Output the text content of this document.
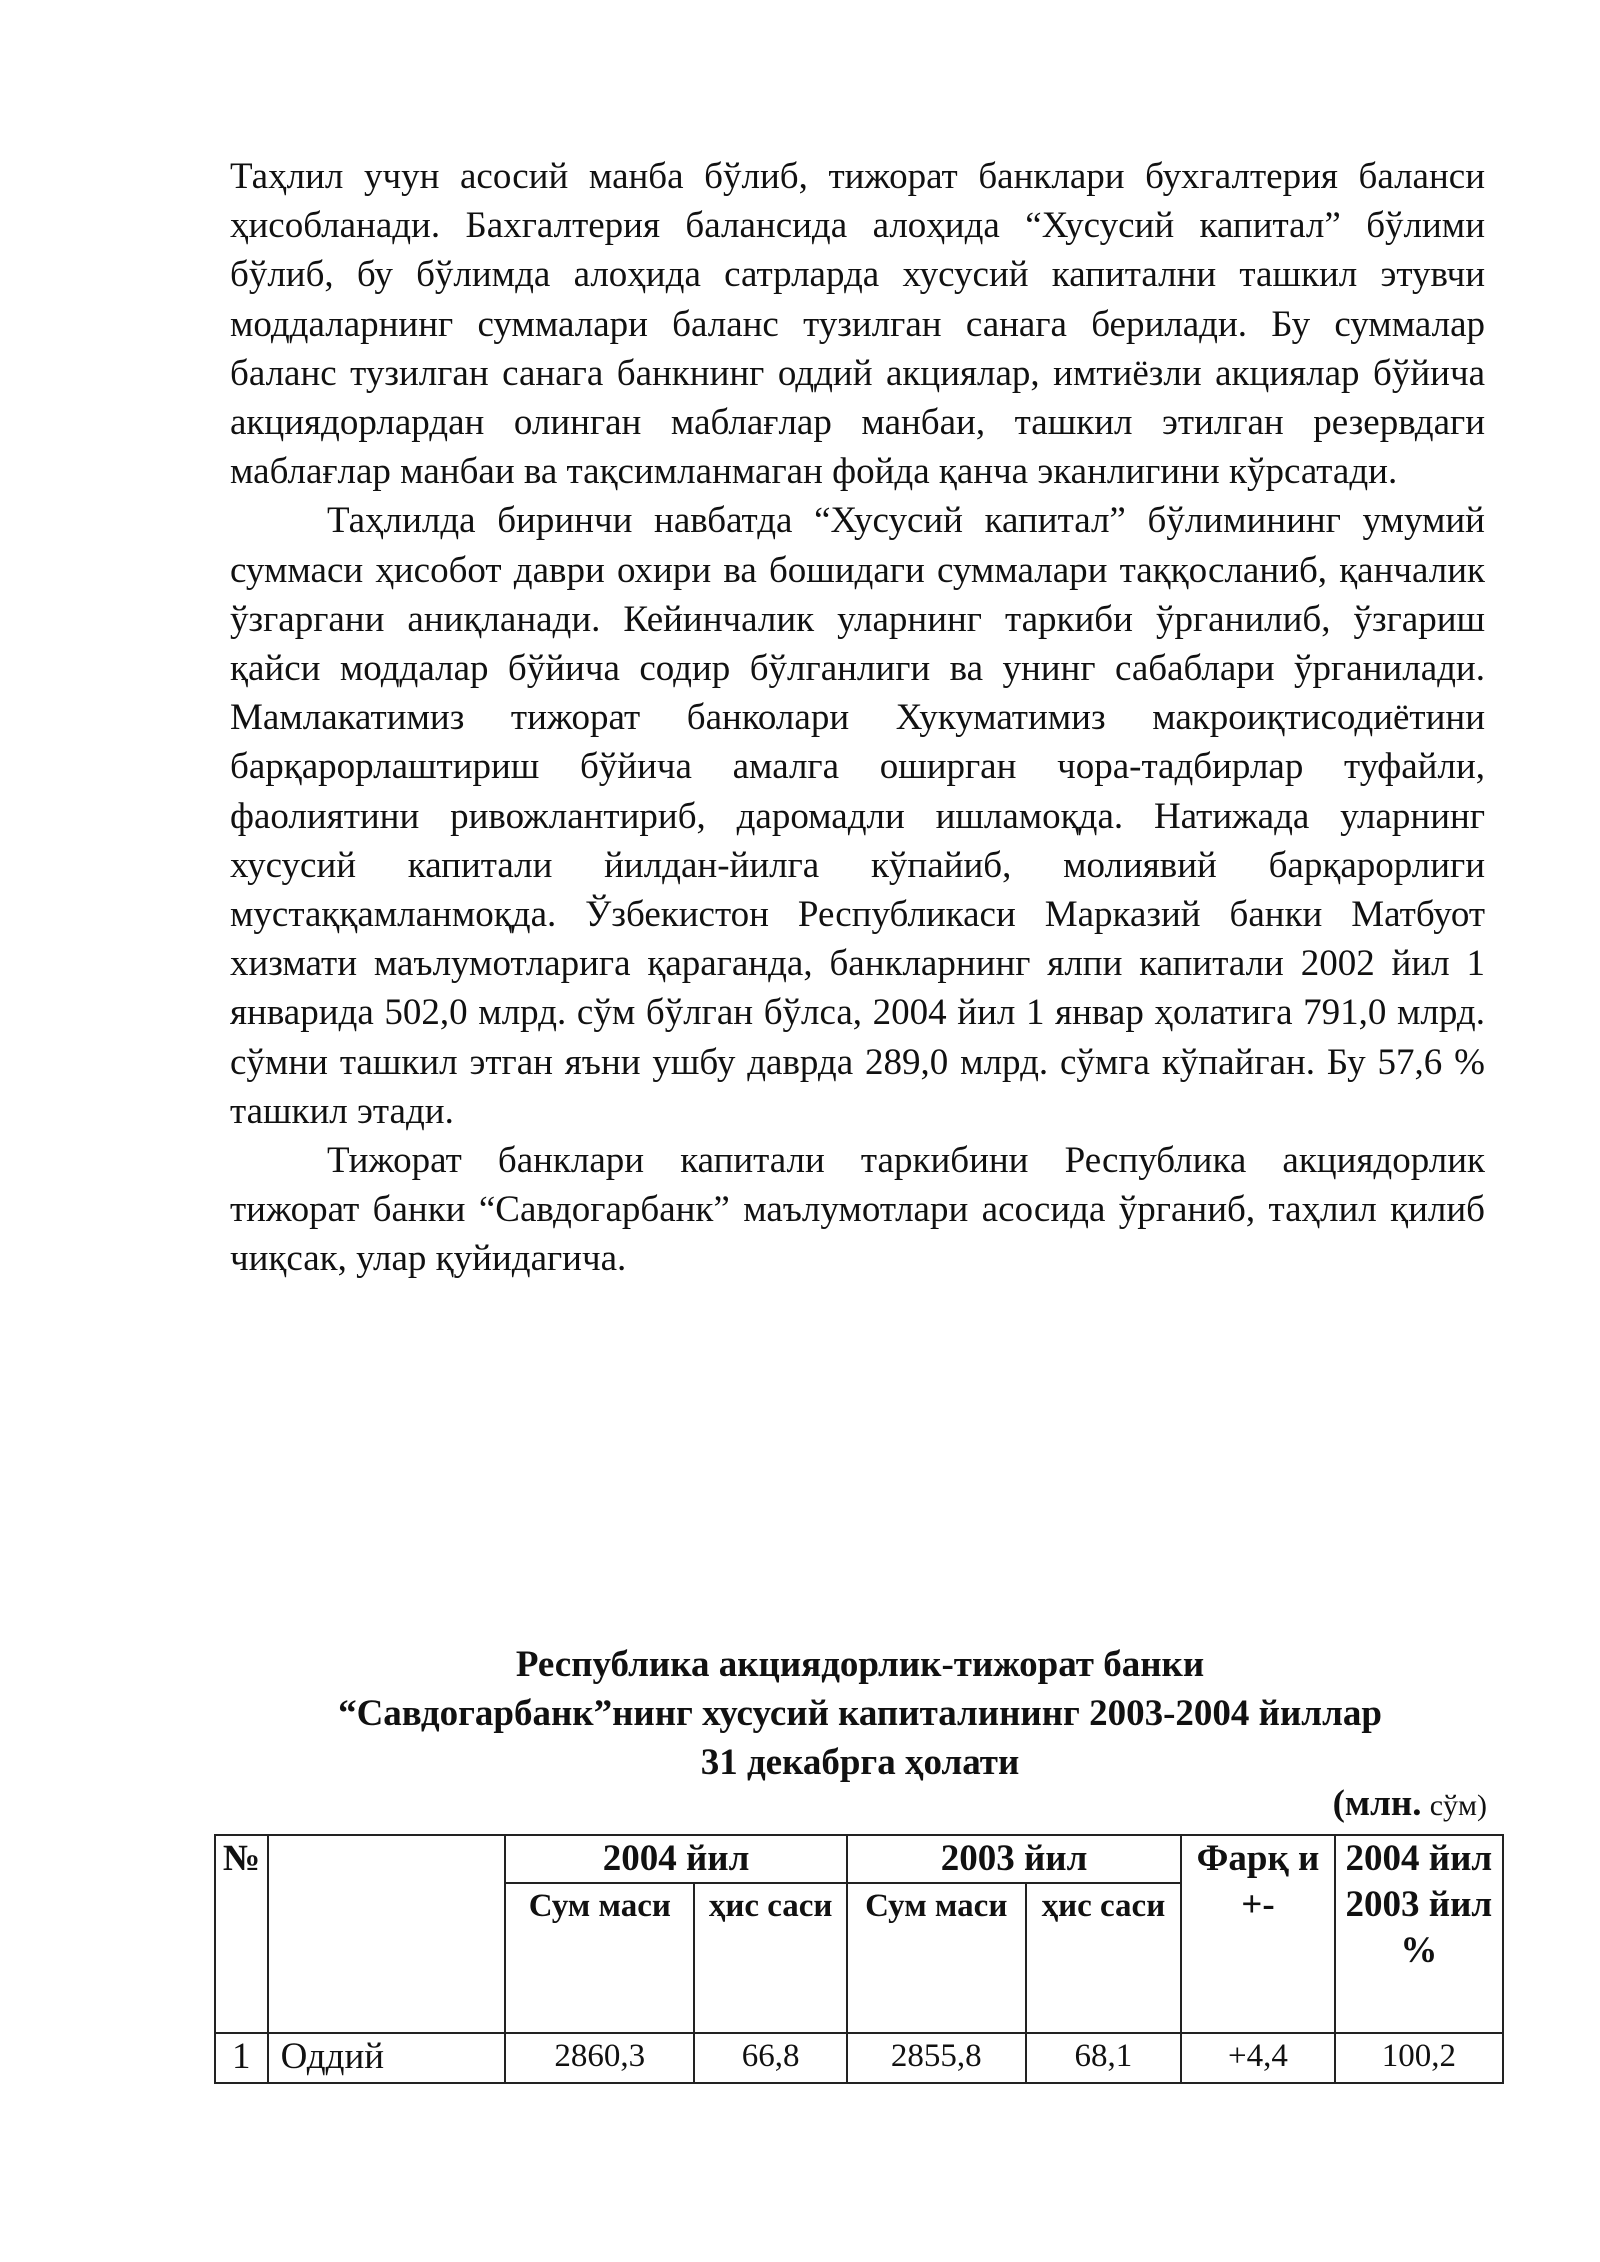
Таҳлил учун асосий манба бўлиб, тижорат банклари бухгалтерия баланси ҳисобланади. Бахгалтерия балансида алоҳида “Хусусий капитал” бўлими бўлиб, бу бўлимда алоҳида сатрларда хусусий капитални ташкил этувчи моддаларнинг суммалари баланс тузилган санага берилади. Бу суммалар баланс тузилган санага банкнинг оддий акциялар, имтиёзли акциялар бўйича акциядорлардан олинган маблағлар манбаи, ташкил этилган резервдаги маблағлар манбаи ва тақсимланмаган фойда қанча эканлигини кўрсатади.

Таҳлилда биринчи навбатда “Хусусий капитал” бўлимининг умумий суммаси ҳисобот даври охири ва бошидаги суммалари таққосланиб, қанчалик ўзгаргани аниқланади. Кейинчалик уларнинг таркиби ўрганилиб, ўзгариш қайси моддалар бўйича содир бўлганлиги ва унинг сабаблари ўрганилади. Мамлакатимиз тижорат банколари Хукуматимиз макроиқтисодиётини барқарорлаштириш бўйича амалга оширган чора-тадбирлар туфайли, фаолиятини ривожлантириб, даромадли ишламоқда. Натижада уларнинг хусусий капитали йилдан-йилга кўпайиб, молиявий барқарорлиги мустаққамланмоқда. Ўзбекистон Республикаси Марказий банки Матбуот хизмати маълумотларига қараганда, банкларнинг ялпи капитали 2002 йил 1 январида 502,0 млрд. сўм бўлган бўлса, 2004 йил 1 январ ҳолатига 791,0 млрд. сўмни ташкил этган яъни ушбу даврда 289,0 млрд. сўмга кўпайган. Бу 57,6 % ташкил этади.

Тижорат банклари капитали таркибини Республика акциядорлик тижорат банки “Савдогарбанк” маълумотлари асосида ўрганиб, таҳлил қилиб чиқсак, улар қуйидагича.

Республика акциядорлик-тижорат банки
“Савдогарбанк”нинг хусусий капиталининг 2003-2004 йиллар
31 декабрга ҳолати
(млн. сўм)
№		2004 йил		2003 йил		Фарқ и +-	2004 йил 2003 йил %
		Сум маси	ҳис саси	Сум маси	ҳис саси		
1	Оддий	2860,3	66,8	2855,8	68,1	+4,4	100,2
